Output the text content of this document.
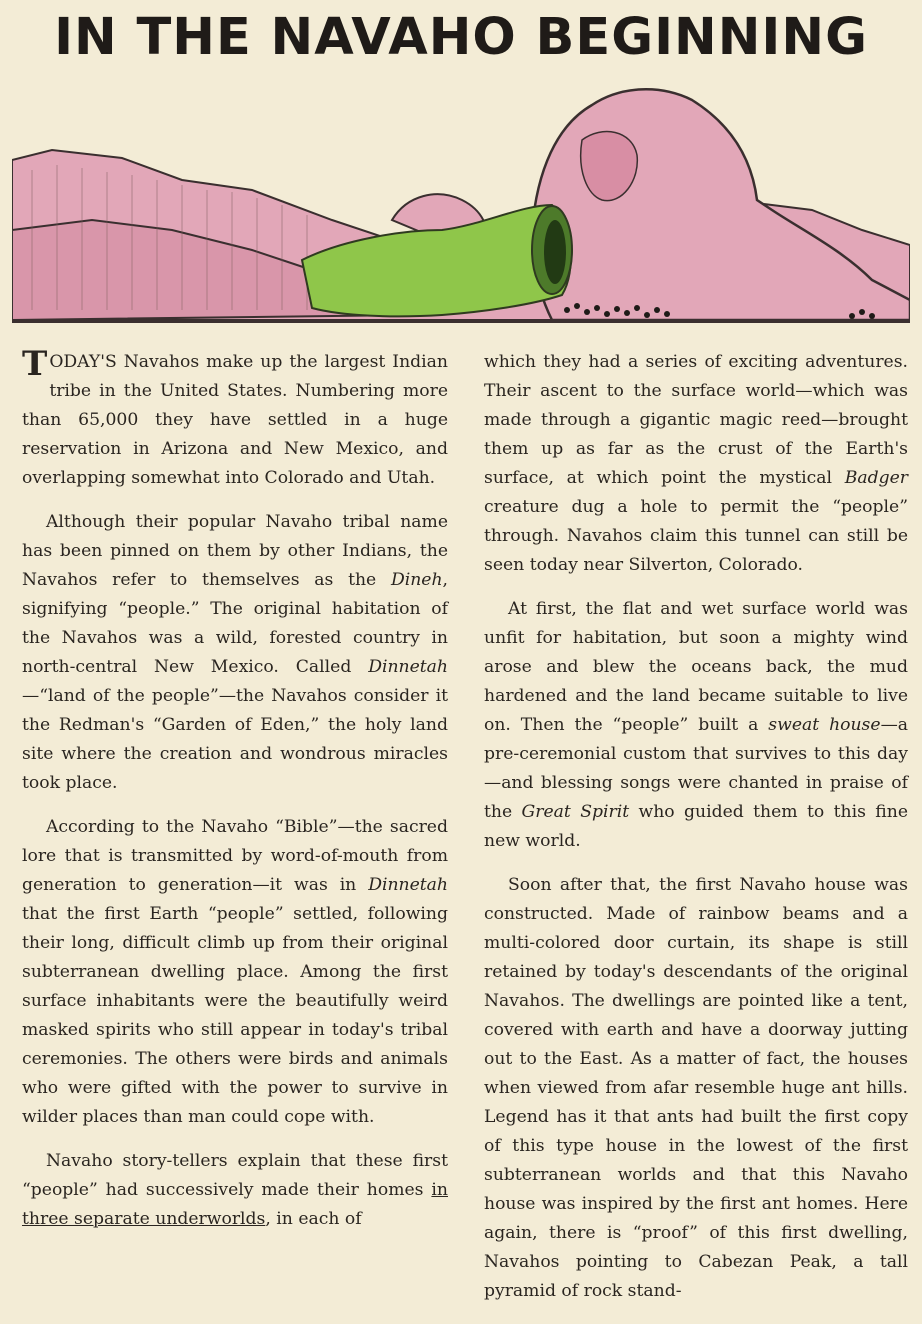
IN THE NAVAHO BEGINNING

TODAY'S Navahos make up the largest Indian tribe in the United States. Numbering more than 65,000 they have settled in a huge reservation in Arizona and New Mexico, and overlapping somewhat into Colorado and Utah.

Although their popular Navaho tribal name has been pinned on them by other Indians, the Navahos refer to themselves as the Dineh, signifying “people.” The original habitation of the Navahos was a wild, forested country in north-central New Mexico. Called Dinnetah—“land of the people”—the Navahos consider it the Redman's “Garden of Eden,” the holy land site where the creation and wondrous miracles took place.

According to the Navaho “Bible”—the sacred lore that is transmitted by word-of-mouth from generation to generation—it was in Dinnetah that the first Earth “people” settled, following their long, difficult climb up from their original subterranean dwelling place. Among the first surface inhabitants were the beautifully weird masked spirits who still appear in today's tribal ceremonies. The others were birds and animals who were gifted with the power to survive in wilder places than man could cope with.

Navaho story-tellers explain that these first “people” had successively made their homes in three separate underworlds, in each of

which they had a series of exciting adventures. Their ascent to the surface world—which was made through a gigantic magic reed—brought them up as far as the crust of the Earth's surface, at which point the mystical Badger creature dug a hole to permit the “people” through. Navahos claim this tunnel can still be seen today near Silverton, Colorado.

At first, the flat and wet surface world was unfit for habitation, but soon a mighty wind arose and blew the oceans back, the mud hardened and the land became suitable to live on. Then the “people” built a sweat house—a pre-ceremonial custom that survives to this day—and blessing songs were chanted in praise of the Great Spirit who guided them to this fine new world.

Soon after that, the first Navaho house was constructed. Made of rainbow beams and a multi-colored door curtain, its shape is still retained by today's descendants of the original Navahos. The dwellings are pointed like a tent, covered with earth and have a doorway jutting out to the East. As a matter of fact, the houses when viewed from afar resemble huge ant hills. Legend has it that ants had built the first copy of this type house in the lowest of the first subterranean worlds and that this Navaho house was inspired by the first ant homes. Here again, there is “proof” of this first dwelling, Navahos pointing to Cabezan Peak, a tall pyramid of rock stand-
